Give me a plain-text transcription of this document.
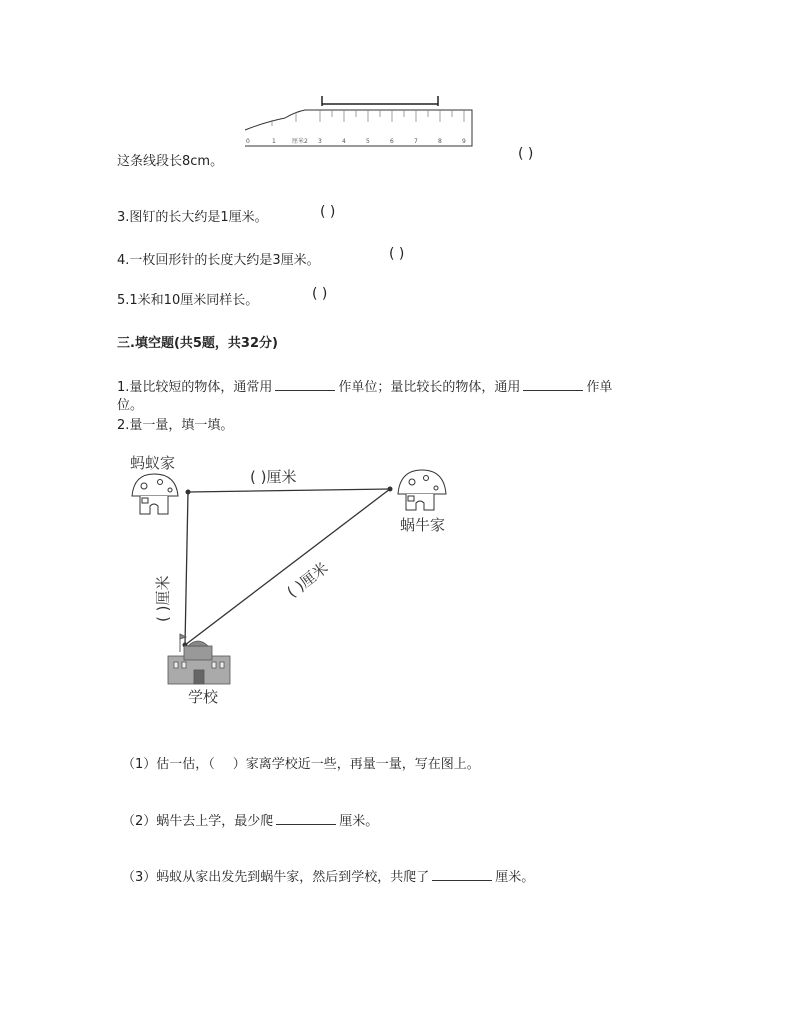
0	1	厘米2 3	4	5	6	7	8	9
这条线段长8cm。	( )
3.图钉的长大约是1厘米。	( )
4.一枚回形针的长度大约是3厘米。	( )
5.1米和10厘米同样长。	( )
三.填空题(共5题，共32分)
1.量比较短的物体，通常用	作单位；量比较长的物体，通用	作单
位。
2.量一量，填一填。
蚂蚁家
蜗牛家
学校
( )厘米
( )厘米	( )厘米
（1）估一估，（ ）家离学校近一些，再量一量，写在图上。
（2）蜗牛去上学，最少爬	厘米。
（3）蚂蚁从家出发先到蜗牛家，然后到学校，共爬了	厘米。
